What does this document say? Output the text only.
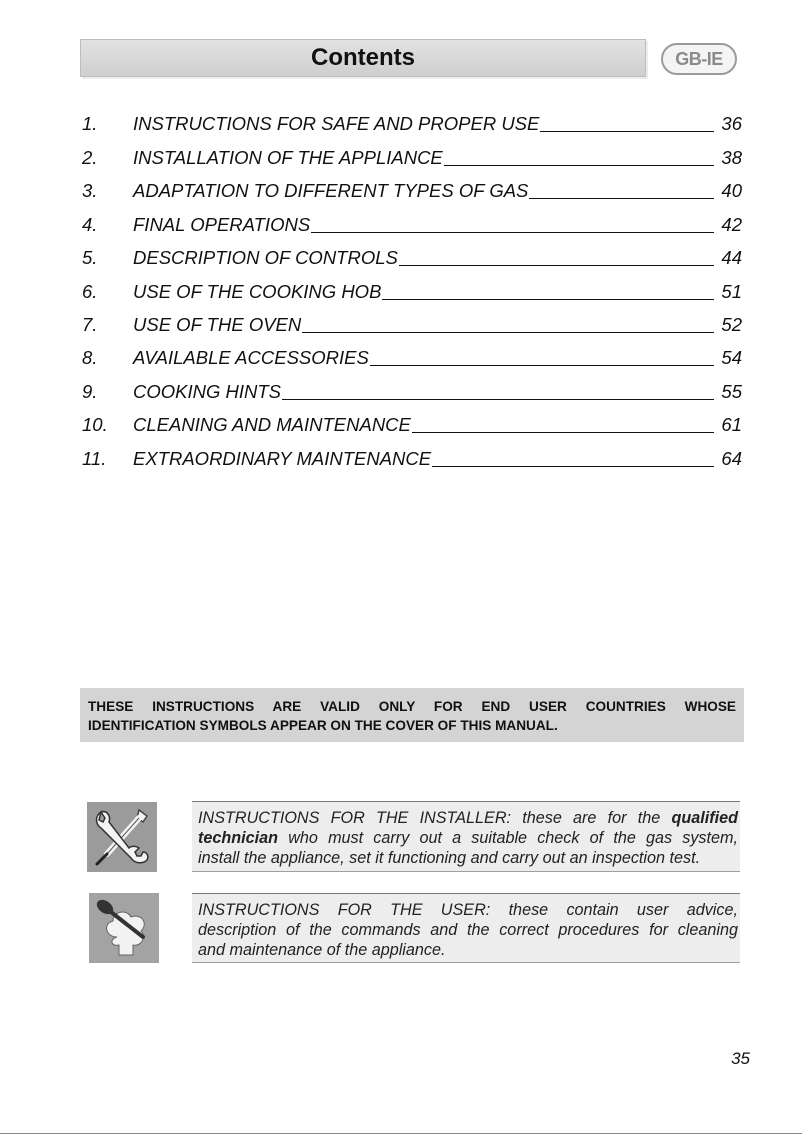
Contents	GB-IE
1. INSTRUCTIONS FOR SAFE AND PROPER USE	36
2. INSTALLATION OF THE APPLIANCE	38
3. ADAPTATION TO DIFFERENT TYPES OF GAS	40
4. FINAL OPERATIONS	42
5. DESCRIPTION OF CONTROLS	44
6. USE OF THE COOKING HOB	51
7. USE OF THE OVEN	52
8. AVAILABLE ACCESSORIES	54
9. COOKING HINTS	55
10. CLEANING AND MAINTENANCE	61
11. EXTRAORDINARY MAINTENANCE	64
THESE INSTRUCTIONS ARE VALID ONLY FOR END USER COUNTRIES WHOSE
IDENTIFICATION SYMBOLS APPEAR ON THE COVER OF THIS MANUAL.
INSTRUCTIONS FOR THE INSTALLER: these are for the qualified
technician who must carry out a suitable check of the gas system,
install the appliance, set it functioning and carry out an inspection test.
INSTRUCTIONS FOR THE USER: these contain user advice,
description of the commands and the correct procedures for cleaning
and maintenance of the appliance.
35
